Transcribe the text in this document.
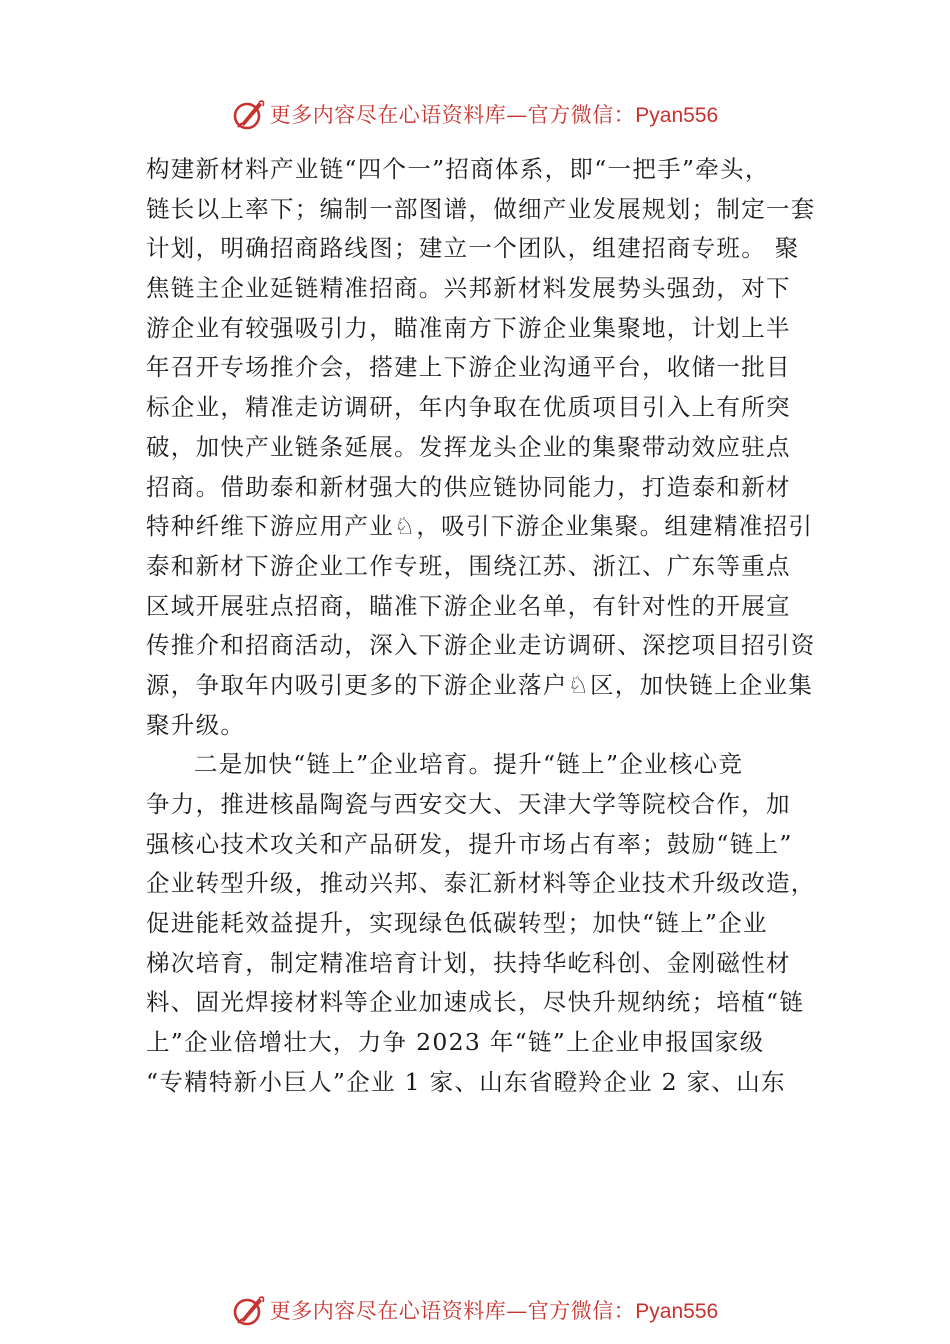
更多内容尽在心语资料库—官方微信：Pyan556
构建新材料产业链“四个一”招商体系，即“一把手”牵头，
链长以上率下；编制一部图谱，做细产业发展规划；制定一套
计划，明确招商路线图；建立一个团队，组建招商专班。 聚
焦链主企业延链精准招商。兴邦新材料发展势头强劲，对下
游企业有较强吸引力，瞄准南方下游企业集聚地，计划上半
年召开专场推介会，搭建上下游企业沟通平台，收储一批目
标企业，精准走访调研，年内争取在优质项目引入上有所突
破，加快产业链条延展。发挥龙头企业的集聚带动效应驻点
招商。借助泰和新材强大的供应链协同能力，打造泰和新材
特种纤维下游应用产业♘，吸引下游企业集聚。组建精准招引
泰和新材下游企业工作专班，围绕江苏、浙江、广东等重点
区域开展驻点招商，瞄准下游企业名单，有针对性的开展宣
传推介和招商活动，深入下游企业走访调研、深挖项目招引资
源，争取年内吸引更多的下游企业落户♘区，加快链上企业集
聚升级。
二是加快“链上”企业培育。提升“链上”企业核心竞
争力，推进核晶陶瓷与西安交大、天津大学等院校合作，加
强核心技术攻关和产品研发，提升市场占有率；鼓励“链上”
企业转型升级，推动兴邦、泰汇新材料等企业技术升级改造，
促进能耗效益提升，实现绿色低碳转型；加快“链上”企业
梯次培育，制定精准培育计划，扶持华屹科创、金刚磁性材
料、固光焊接材料等企业加速成长，尽快升规纳统；培植“链
上”企业倍增壮大，力争 2023 年“链”上企业申报国家级
“专精特新小巨人”企业 1 家、山东省瞪羚企业 2 家、山东
更多内容尽在心语资料库—官方微信：Pyan556
